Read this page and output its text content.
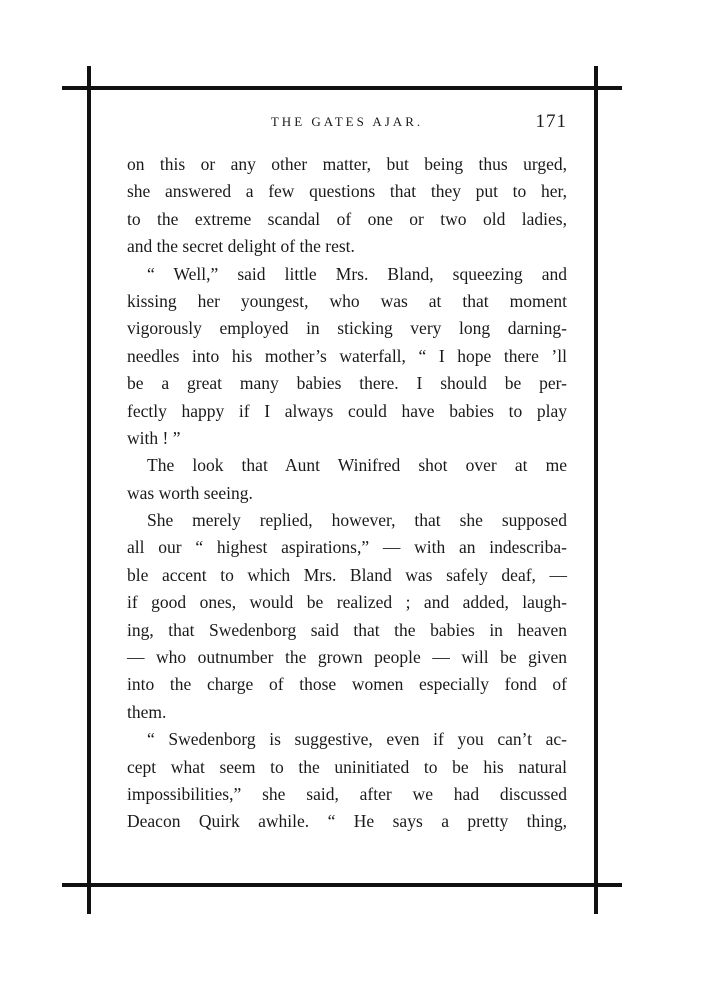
THE GATES AJAR.	171
on this or any other matter, but being thus urged,
she answered a few questions that they put to her,
to the extreme scandal of one or two old ladies,
and the secret delight of the rest.
“ Well,” said little Mrs. Bland, squeezing and
kissing her youngest, who was at that moment
vigorously employed in sticking very long darning-
needles into his mother’s waterfall, “ I hope there ’ll
be a great many babies there. I should be per-
fectly happy if I always could have babies to play
with ! ”
The look that Aunt Winifred shot over at me
was worth seeing.
She merely replied, however, that she supposed
all our “ highest aspirations,” — with an indescriba-
ble accent to which Mrs. Bland was safely deaf, —
if good ones, would be realized ; and added, laugh-
ing, that Swedenborg said that the babies in heaven
— who outnumber the grown people — will be given
into the charge of those women especially fond of
them.
“ Swedenborg is suggestive, even if you can’t ac-
cept what seem to the uninitiated to be his natural
impossibilities,” she said, after we had discussed
Deacon Quirk awhile. “ He says a pretty thing,
